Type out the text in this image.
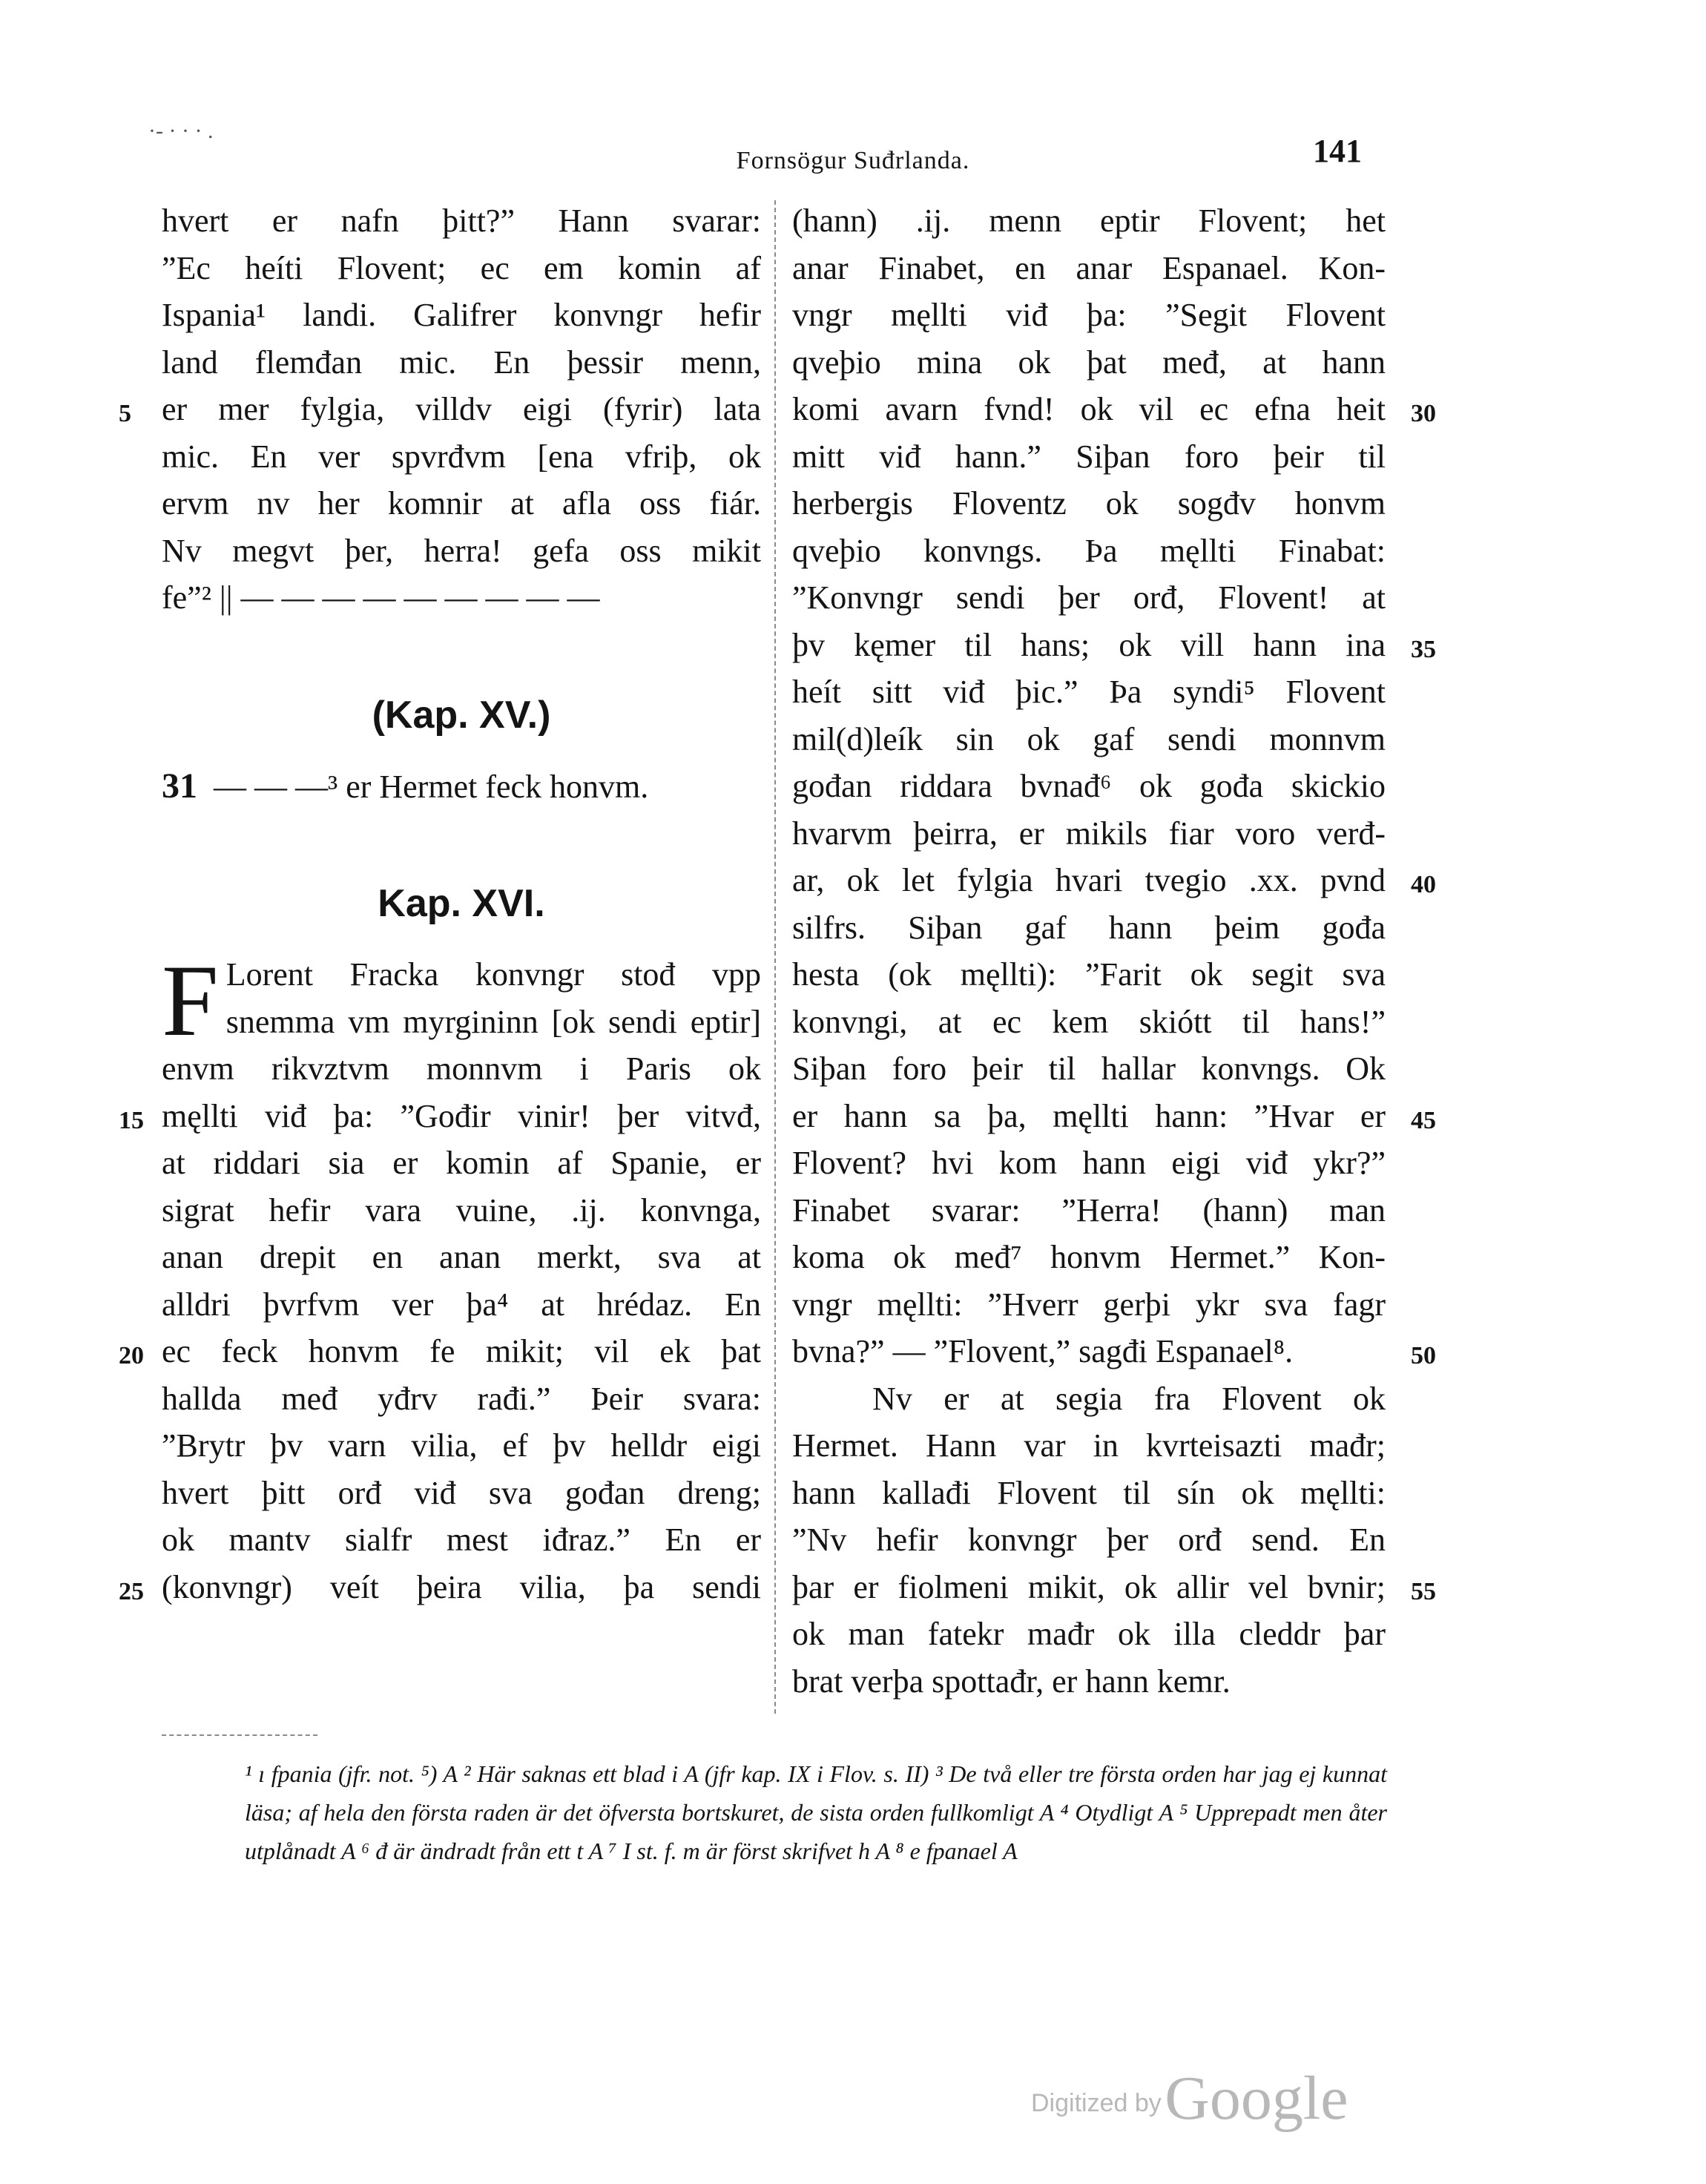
·- · · · .
Fornsögur Suđrlanda.	141
hvert er nafn þitt?” Hann svarar:
”Ec heíti Flovent; ec em komin af
Ispania¹ landi. Galifrer konvngr hefir
land flemđan mic. En þessir menn,
5 er mer fylgia, villdv eigi (fyrir) lata
mic. En ver spvrđvm [ena vfriþ, ok
ervm nv her komnir at afla oss fiár.
Nv megvt þer, herra! gefa oss mikit
fe”² || — — — — — — — — —
(Kap. XV.)
31 — — —³ er Hermet feck honvm.
Kap. XVI.
F Lorent Fracka konvngr stođ vpp
snemma vm myrgininn [ok sendi eptir]
envm rikvztvm monnvm i Paris ok
15 męllti viđ þa: ”Gođir vinir! þer vitvđ,
at riddari sia er komin af Spanie, er
sigrat hefir vara vuine, .ij. konvnga,
anan drepit en anan merkt, sva at
alldri þvrfvm ver þa⁴ at hrédaz. En
20 ec feck honvm fe mikit; vil ek þat
hallda međ yđrv rađi.” Þeir svara:
”Brytr þv varn vilia, ef þv helldr eigi
hvert þitt orđ viđ sva gođan dreng;
ok mantv sialfr mest iđraz.” En er
25 (konvngr) veít þeira vilia, þa sendi
(hann) .ij. menn eptir Flovent; het
anar Finabet, en anar Espanael. Kon-
vngr męllti viđ þa: ”Segit Flovent
qveþio mina ok þat međ, at hann
komi avarn fvnd! ok vil ec efna heit 30
mitt viđ hann.” Siþan foro þeir til
herbergis Floventz ok sogđv honvm
qveþio konvngs. Þa męllti Finabat:
”Konvngr sendi þer orđ, Flovent! at
þv kęmer til hans; ok vill hann ina 35
heít sitt viđ þic.” Þa syndi⁵ Flovent
mil(d)leík sin ok gaf sendi monnvm
gođan riddara bvnađ⁶ ok gođa skickio
hvarvm þeirra, er mikils fiar voro verđ-
ar, ok let fylgia hvari tvegio .xx. pvnd 40
silfrs. Siþan gaf hann þeim gođa
hesta (ok męllti): ”Farit ok segit sva
konvngi, at ec kem skiótt til hans!”
Siþan foro þeir til hallar konvngs. Ok
er hann sa þa, męllti hann: ”Hvar er 45
Flovent? hvi kom hann eigi viđ ykr?”
Finabet svarar: ”Herra! (hann) man
koma ok međ⁷ honvm Hermet.” Kon-
vngr męllti: ”Hverr gerþi ykr sva fagr
bvna?” — ”Flovent,” sagđi Espanael⁸.	50
Nv er at segia fra Flovent ok
Hermet. Hann var in kvrteisazti mađr;
hann kallađi Flovent til sín ok męllti:
”Nv hefir konvngr þer orđ send. En
þar er fiolmeni mikit, ok allir vel bvnir; 55
ok man fatekr mađr ok illa cleddr þar
brat verþa spottađr, er hann kemr.
¹ ı fpania (jfr. not. ⁵) A ² Här saknas ett blad i A (jfr kap. IX i Flov. s. II) ³ De två eller tre första orden har jag ej kunnat läsa; af hela den första raden är det öfversta bortskuret, de sista orden fullkomligt A ⁴ Otydligt A ⁵ Upprepadt men åter utplånadt A ⁶ đ är ändradt från ett t A ⁷ I st. f. m är först skrifvet h A ⁸ e fpanael A
Digitized by Google
